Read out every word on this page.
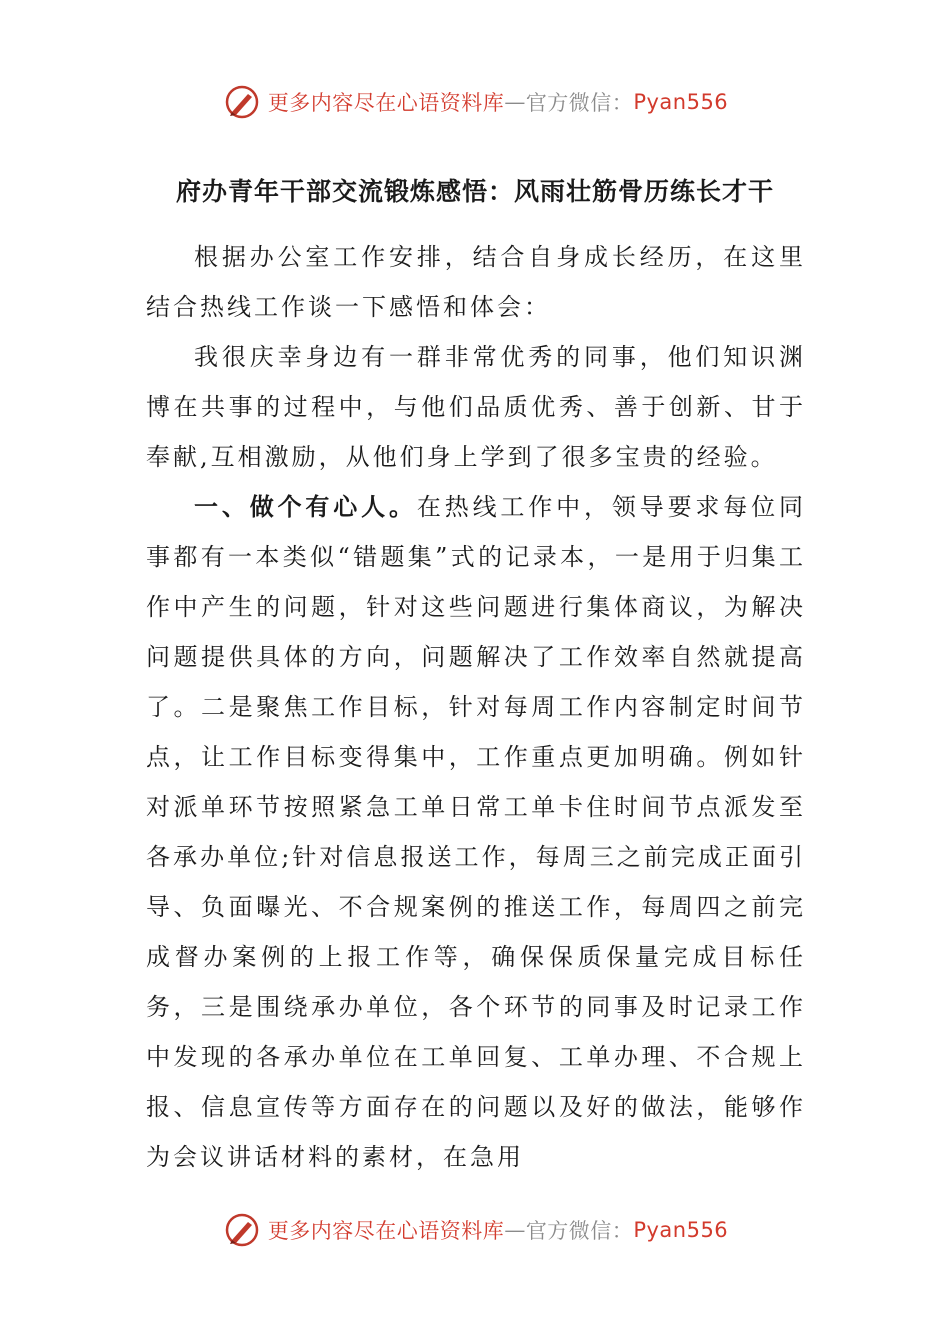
更多内容尽在心语资料库 — 官方微信： Pyan556
府办青年干部交流锻炼感悟：风雨壮筋骨历练长才干

根据办公室工作安排，结合自身成长经历，在这里结合热线工作谈一下感悟和体会：

我很庆幸身边有一群非常优秀的同事，他们知识渊博在共事的过程中，与他们品质优秀、善于创新、甘于奉献,互相激励，从他们身上学到了很多宝贵的经验。

一、做个有心人。在热线工作中，领导要求每位同事都有一本类似“错题集”式的记录本，一是用于归集工作中产生的问题，针对这些问题进行集体商议，为解决问题提供具体的方向，问题解决了工作效率自然就提高了。二是聚焦工作目标，针对每周工作内容制定时间节点，让工作目标变得集中，工作重点更加明确。例如针对派单环节按照紧急工单日常工单卡住时间节点派发至各承办单位;针对信息报送工作，每周三之前完成正面引导、负面曝光、不合规案例的推送工作，每周四之前完成督办案例的上报工作等，确保保质保量完成目标任务，三是围绕承办单位，各个环节的同事及时记录工作中发现的各承办单位在工单回复、工单办理、不合规上报、信息宣传等方面存在的问题以及好的做法，能够作为会议讲话材料的素材，在急用

更多内容尽在心语资料库 — 官方微信： Pyan556
